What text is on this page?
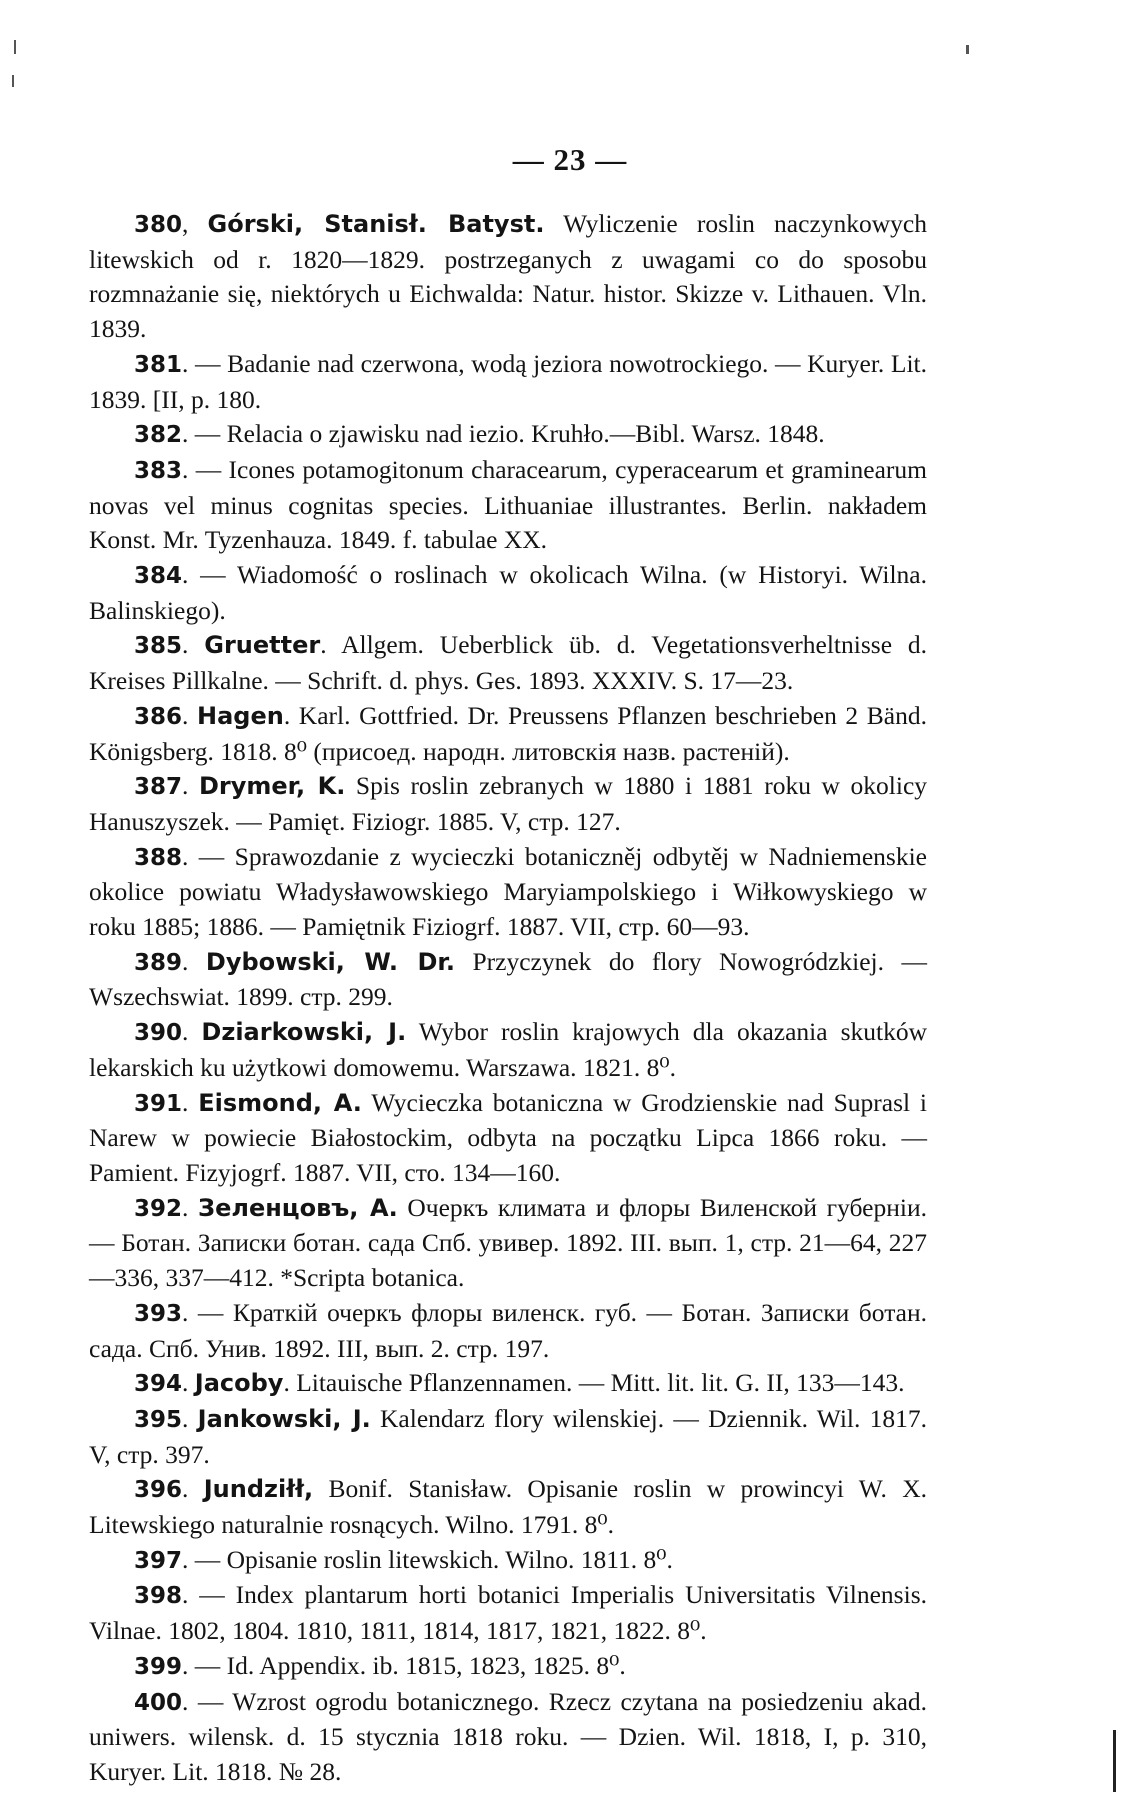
— 23 —

380, Górski, Stanisł. Batyst. Wyliczenie roslin naczynkowych litewskich od r. 1820—1829. postrzeganych z uwagami co do sposobu rozmnażanie się, niektórych u Eichwalda: Natur. histor. Skizze v. Lithauen. Vln. 1839.

381. — Badanie nad czerwona, wodą jeziora nowotrockiego. — Kuryer. Lit. 1839. [II, p. 180.

382. — Relacia o zjawisku nad iezio. Kruhło.—Bibl. Warsz. 1848.

383. — Icones potamogitonum characearum, cyperacearum et graminearum novas vel minus cognitas species. Lithuaniae illustrantes. Berlin. nakładem Konst. Mr. Tyzenhauza. 1849. f. tabulae XX.

384. — Wiadomość o roslinach w okolicach Wilna. (w Historyi. Wilna. Balinskiego).

385. Gruetter. Allgem. Ueberblick üb. d. Vegetationsverheltnisse d. Kreises Pillkalne. — Schrift. d. phys. Ges. 1893. XXXIV. S. 17—23.

386. Hagen. Karl. Gottfried. Dr. Preussens Pflanzen beschrieben 2 Bänd. Königsberg. 1818. 8⁰ (присоед. народн. литовскія назв. растеній).

387. Drymer, K. Spis roslin zebranych w 1880 i 1881 roku w okolicy Hanuszyszek. — Pamięt. Fiziogr. 1885. V, стр. 127.

388. — Sprawozdanie z wycieczki botaniczněj odbytěj w Nadniemenskie okolice powiatu Władysławowskiego Maryiampolskiego i Wiłkowyskiego w roku 1885; 1886. — Pamiętnik Fiziogrf. 1887. VII, стр. 60—93.

389. Dybowski, W. Dr. Przyczynek do flory Nowogródzkiej. — Wszechswiat. 1899. стр. 299.

390. Dziarkowski, J. Wybor roslin krajowych dla okazania skutków lekarskich ku użytkowi domowemu. Warszawa. 1821. 8⁰.

391. Eismond, A. Wycieczka botaniczna w Grodzienskie nad Suprasl i Narew w powiecie Białostockim, odbyta na początku Lipca 1866 roku. — Pamient. Fizyjogrf. 1887. VII, сто. 134—160.

392. Зеленцовъ, А. Очеркъ климата и флоры Виленской губерніи. — Ботан. Записки ботан. сада Спб. увивер. 1892. III. вып. 1, стр. 21—64, 227—336, 337—412. *Scripta botanica.

393. — Краткій очеркъ флоры виленск. губ. — Ботан. Записки ботан. сада. Спб. Унив. 1892. III, вып. 2. стр. 197.

394. Jacoby. Litauische Pflanzennamen. — Mitt. lit. lit. G. II, 133—143.

395. Jankowski, J. Kalendarz flory wilenskiej. — Dziennik. Wil. 1817. V, стр. 397.

396. Jundziłł, Bonif. Stanisław. Opisanie roslin w prowincyi W. X. Litewskiego naturalnie rosnących. Wilno. 1791. 8⁰.

397. — Opisanie roslin litewskich. Wilno. 1811. 8⁰.

398. — Index plantarum horti botanici Imperialis Universitatis Vilnensis. Vilnae. 1802, 1804. 1810, 1811, 1814, 1817, 1821, 1822. 8⁰.

399. — Id. Appendix. ib. 1815, 1823, 1825. 8⁰.

400. — Wzrost ogrodu botanicznego. Rzecz czytana na posiedzeniu akad. uniwers. wilensk. d. 15 stycznia 1818 roku. — Dzien. Wil. 1818, I, p. 310, Kuryer. Lit. 1818. № 28.
